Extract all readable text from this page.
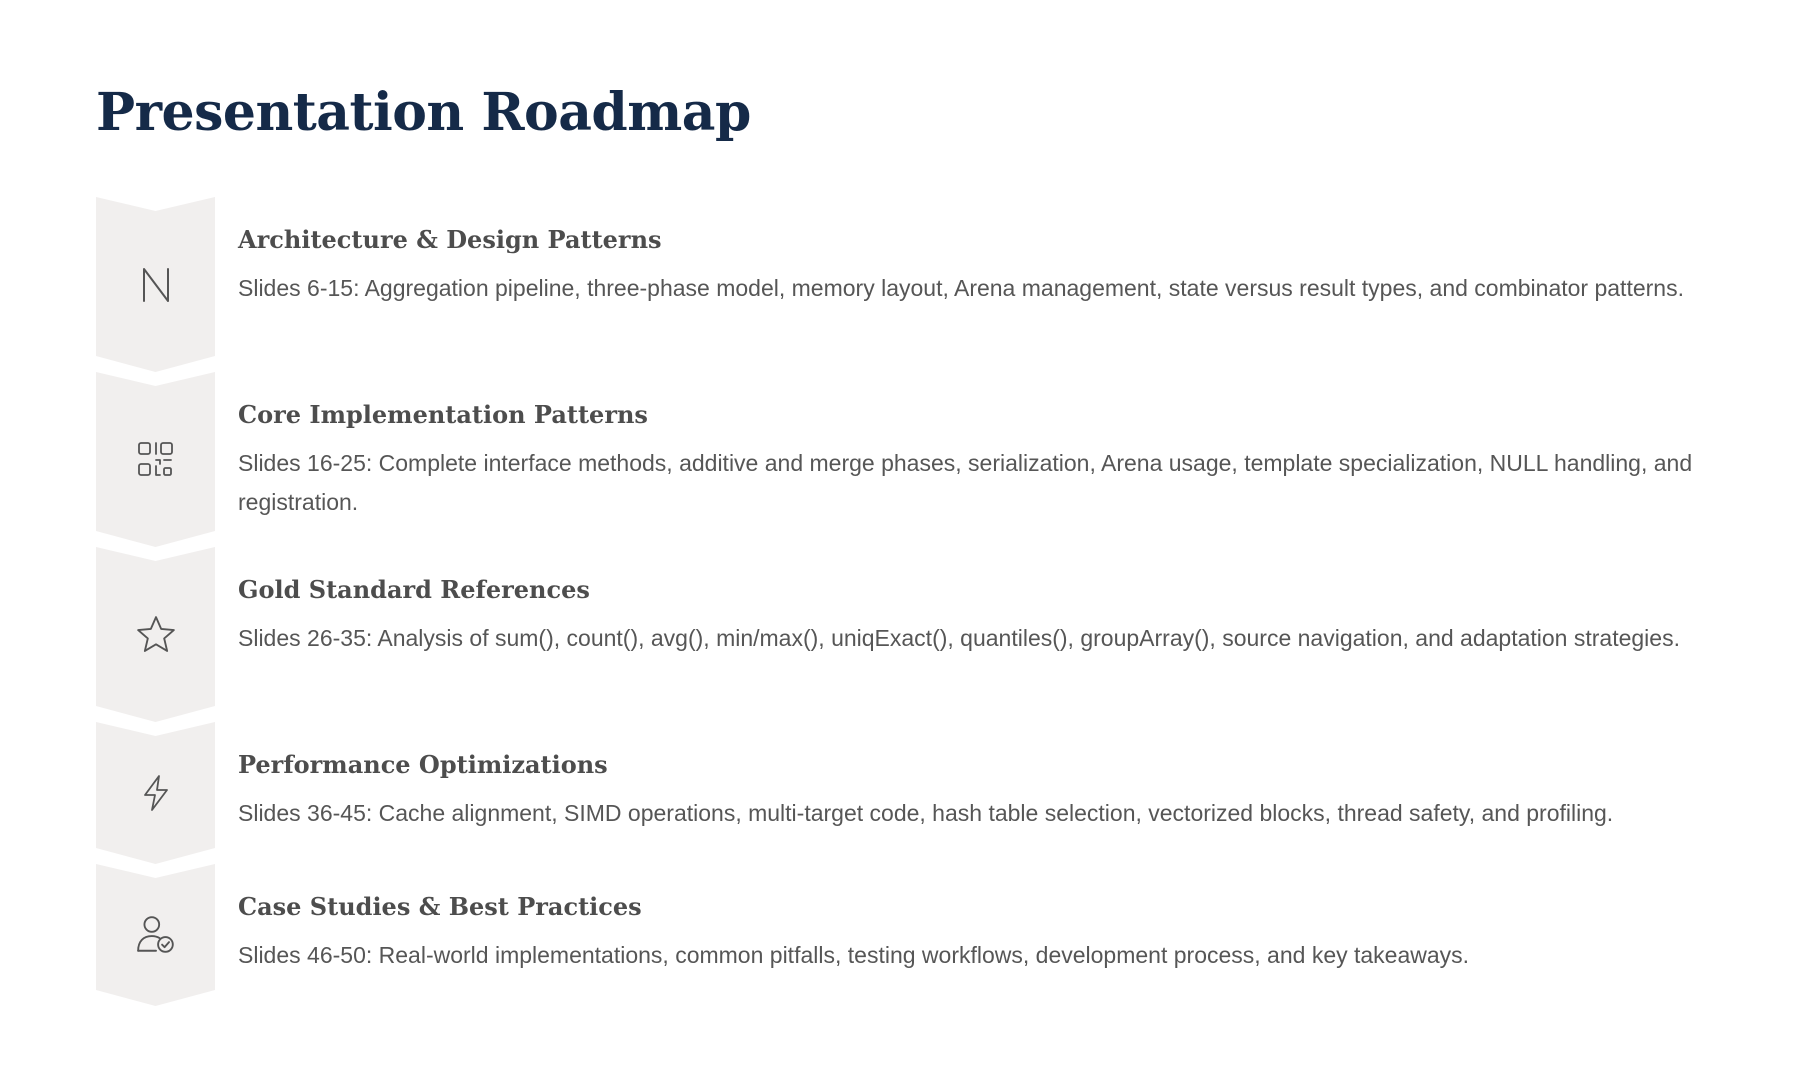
Presentation Roadmap
Architecture & Design Patterns

Slides 6-15: Aggregation pipeline, three-phase model, memory layout, Arena management, state versus result types, and combinator patterns.

Core Implementation Patterns

Slides 16-25: Complete interface methods, additive and merge phases, serialization, Arena usage, template specialization, NULL handling, and registration.

Gold Standard References

Slides 26-35: Analysis of sum(), count(), avg(), min/max(), uniqExact(), quantiles(), groupArray(), source navigation, and adaptation strategies.

Performance Optimizations

Slides 36-45: Cache alignment, SIMD operations, multi-target code, hash table selection, vectorized blocks, thread safety, and profiling.

Case Studies & Best Practices

Slides 46-50: Real-world implementations, common pitfalls, testing workflows, development process, and key takeaways.
